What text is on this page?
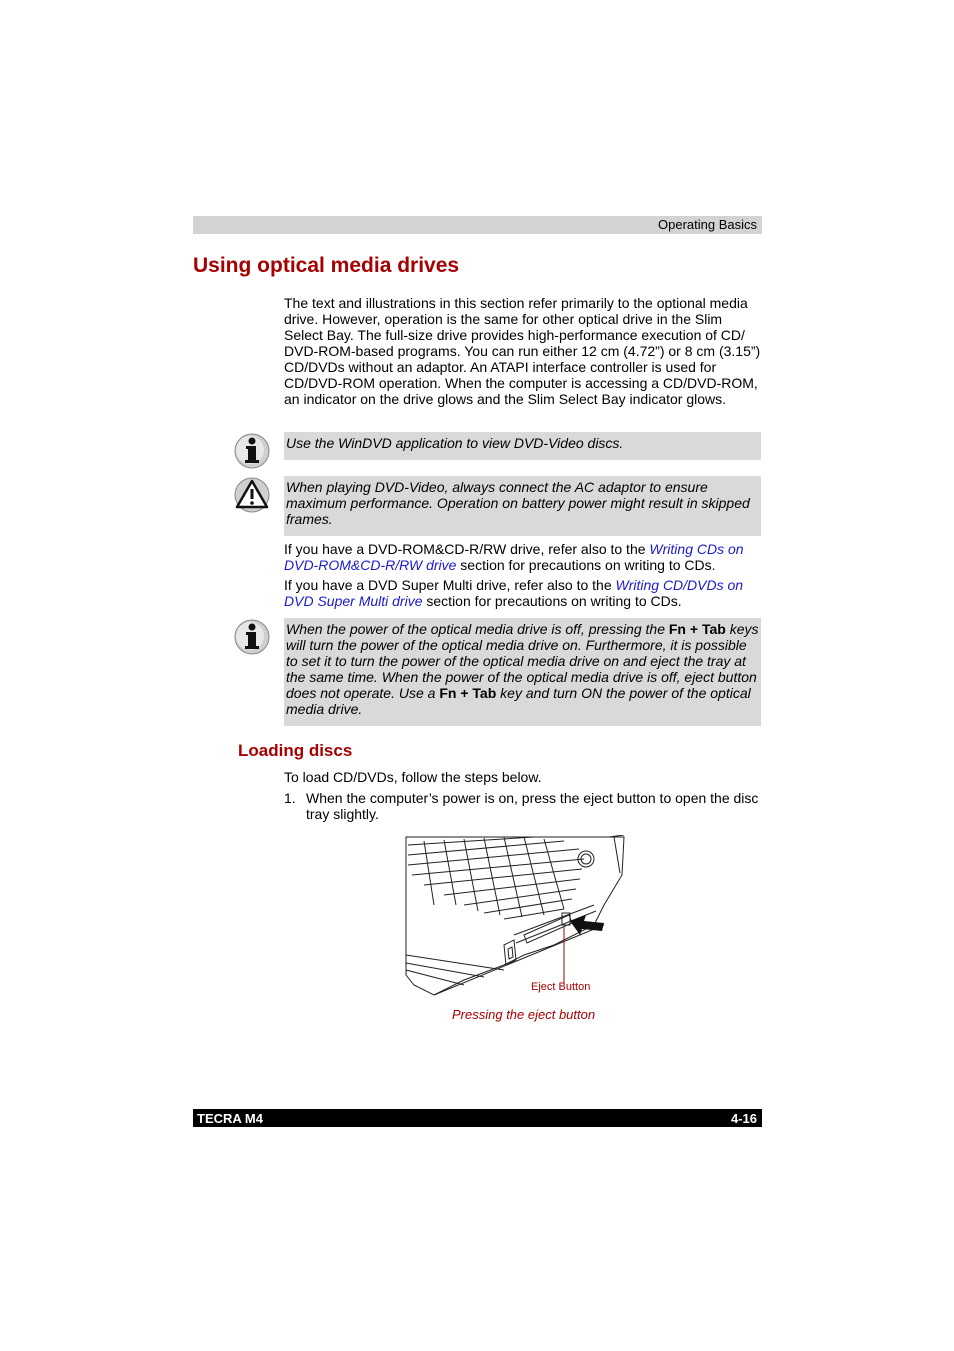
Operating Basics
Using optical media drives

The text and illustrations in this section refer primarily to the optional media drive. However, operation is the same for other optical drive in the Slim Select Bay. The full-size drive provides high-performance execution of CD/ DVD-ROM-based programs. You can run either 12 cm (4.72”) or 8 cm (3.15”) CD/DVDs without an adaptor. An ATAPI interface controller is used for CD/DVD-ROM operation. When the computer is accessing a CD/DVD-ROM, an indicator on the drive glows and the Slim Select Bay indicator glows.

Use the WinDVD application to view DVD-Video discs.
When playing DVD-Video, always connect the AC adaptor to ensure maximum performance. Operation on battery power might result in skipped frames.

If you have a DVD-ROM&CD-R/RW drive, refer also to the Writing CDs on DVD-ROM&CD-R/RW drive section for precautions on writing to CDs.

If you have a DVD Super Multi drive, refer also to the Writing CD/DVDs on DVD Super Multi drive section for precautions on writing to CDs.

When the power of the optical media drive is off, pressing the Fn + Tab keys will turn the power of the optical media drive on. Furthermore, it is possible to set it to turn the power of the optical media drive on and eject the tray at the same time. When the power of the optical media drive is off, eject button does not operate. Use a Fn + Tab key and turn ON the power of the optical media drive.
Loading discs

To load CD/DVDs, follow the steps below.

1. When the computer’s power is on, press the eject button to open the disc tray slightly.
Eject Button
Pressing the eject button
TECRA M4	4-16
